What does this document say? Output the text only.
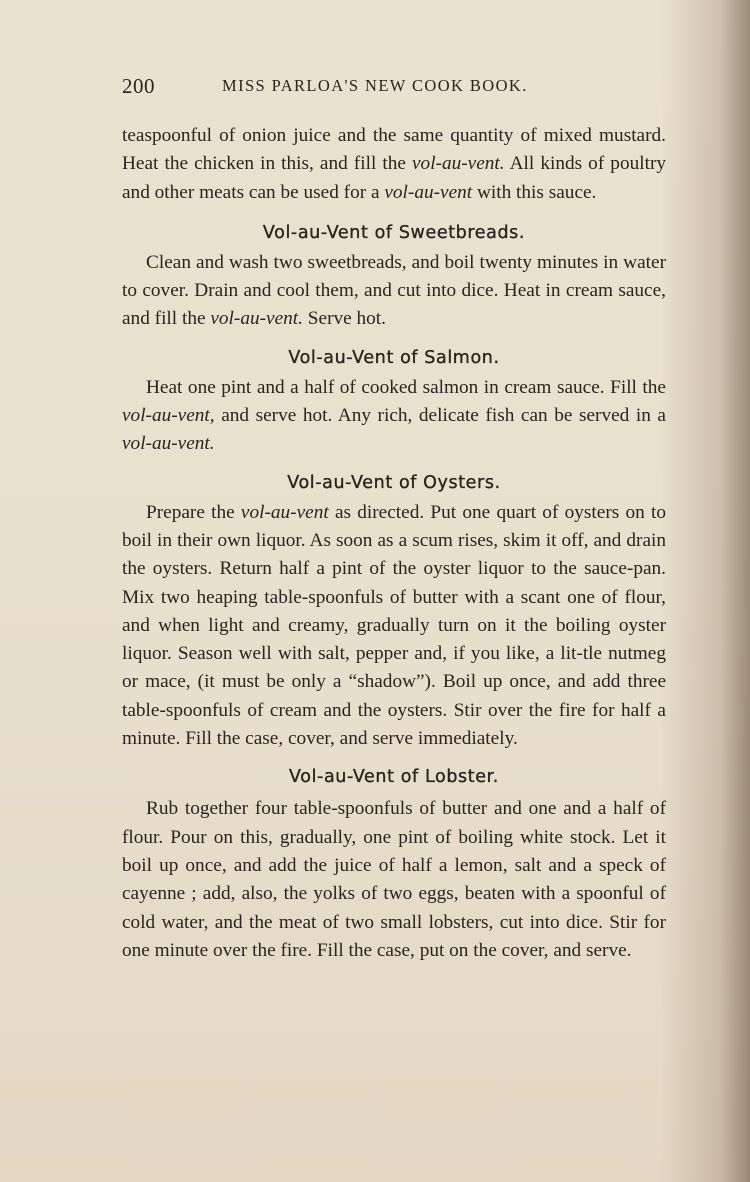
200	MISS PARLOA'S NEW COOK BOOK.

teaspoonful of onion juice and the same quantity of mixed mustard. Heat the chicken in this, and fill the vol-au-vent. All kinds of poultry and other meats can be used for a vol-au-vent with this sauce.

Vol-au-Vent of Sweetbreads.

Clean and wash two sweetbreads, and boil twenty minutes in water to cover. Drain and cool them, and cut into dice. Heat in cream sauce, and fill the vol-au-vent. Serve hot.

Vol-au-Vent of Salmon.

Heat one pint and a half of cooked salmon in cream sauce. Fill the vol-au-vent, and serve hot. Any rich, delicate fish can be served in a vol-au-vent.

Vol-au-Vent of Oysters.

Prepare the vol-au-vent as directed. Put one quart of oysters on to boil in their own liquor. As soon as a scum rises, skim it off, and drain the oysters. Return half a pint of the oyster liquor to the sauce-pan. Mix two heaping table-spoonfuls of butter with a scant one of flour, and when light and creamy, gradually turn on it the boiling oyster liquor. Season well with salt, pepper and, if you like, a lit-tle nutmeg or mace, (it must be only a “shadow”). Boil up once, and add three table-spoonfuls of cream and the oysters. Stir over the fire for half a minute. Fill the case, cover, and serve immediately.

Vol-au-Vent of Lobster.

Rub together four table-spoonfuls of butter and one and a half of flour. Pour on this, gradually, one pint of boiling white stock. Let it boil up once, and add the juice of half a lemon, salt and a speck of cayenne ; add, also, the yolks of two eggs, beaten with a spoonful of cold water, and the meat of two small lobsters, cut into dice. Stir for one minute over the fire. Fill the case, put on the cover, and serve.
